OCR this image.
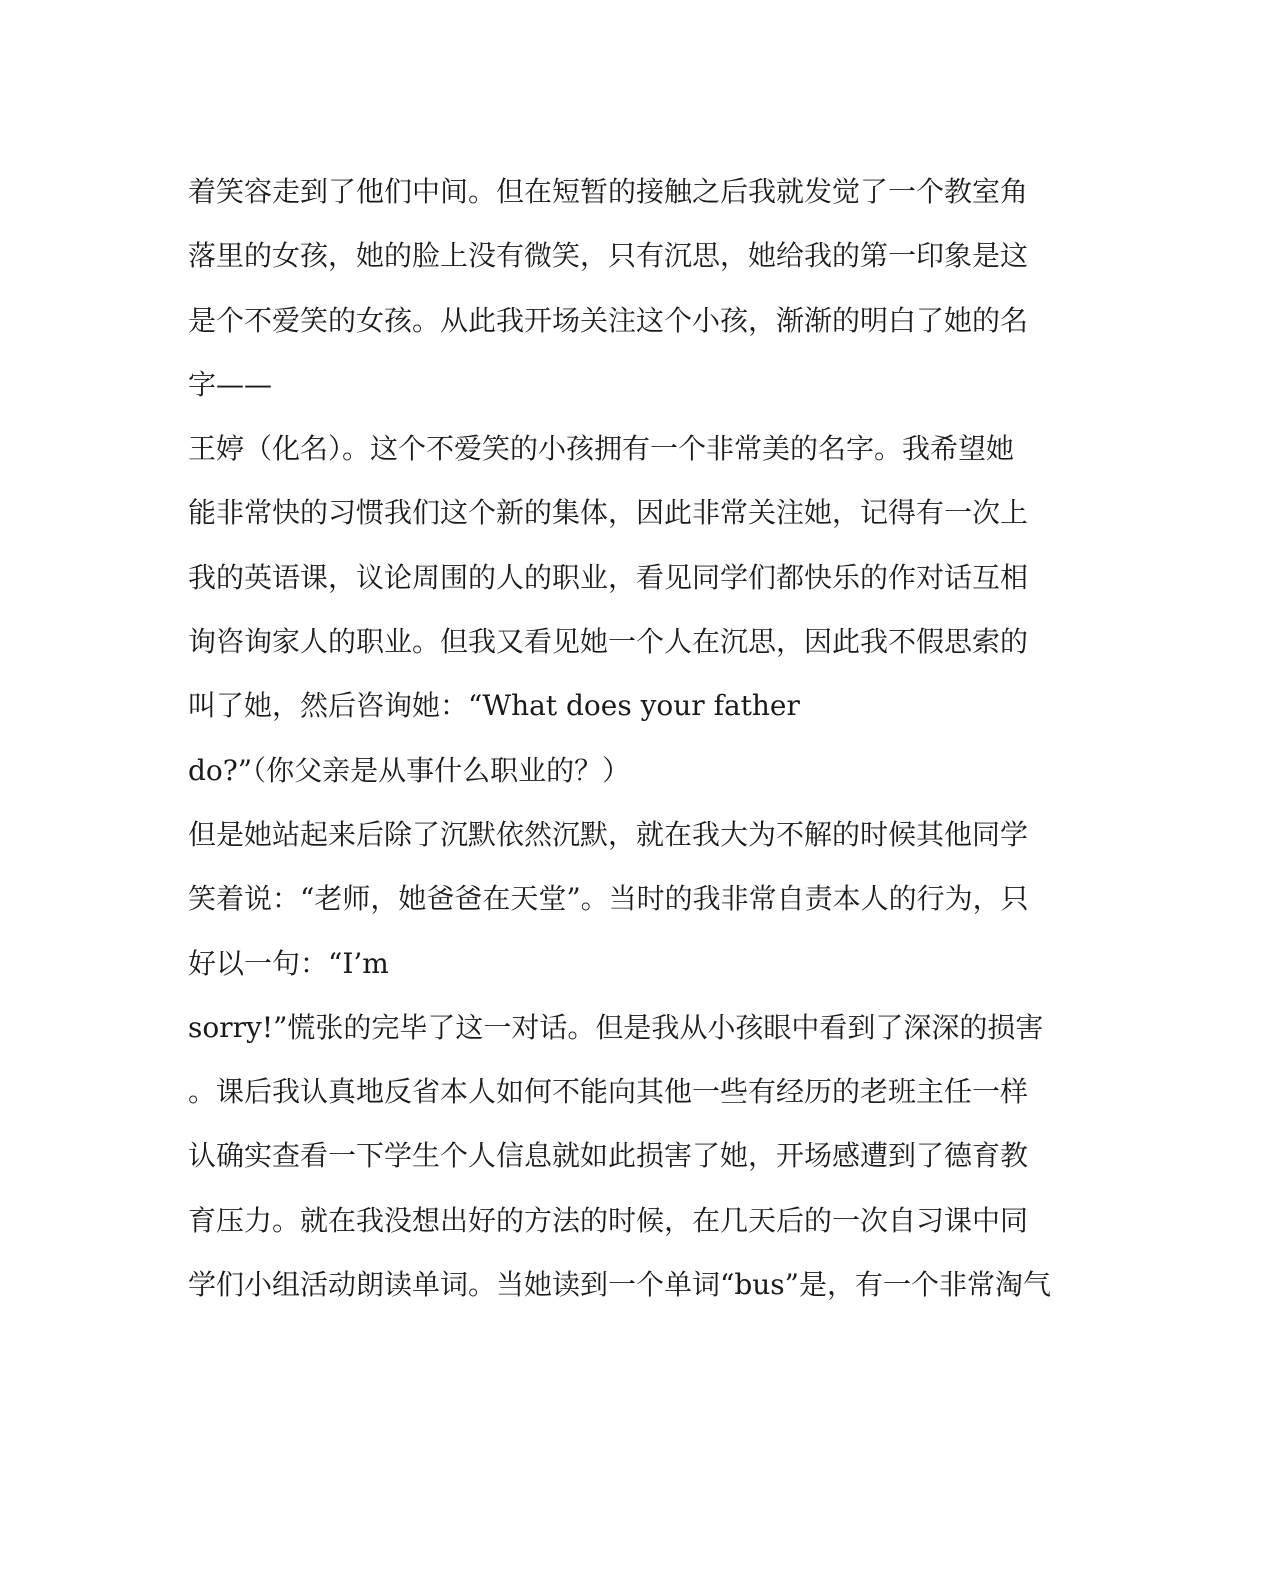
着笑容走到了他们中间。但在短暂的接触之后我就发觉了一个教室角
落里的女孩，她的脸上没有微笑，只有沉思，她给我的第一印象是这
是个不爱笑的女孩。从此我开场关注这个小孩，渐渐的明白了她的名
字——
王婷（化名）。这个不爱笑的小孩拥有一个非常美的名字。我希望她
能非常快的习惯我们这个新的集体，因此非常关注她，记得有一次上
我的英语课，议论周围的人的职业，看见同学们都快乐的作对话互相
询咨询家人的职业。但我又看见她一个人在沉思，因此我不假思索的
叫了她，然后咨询她：“What does your father
do?”（你父亲是从事什么职业的？）
但是她站起来后除了沉默依然沉默，就在我大为不解的时候其他同学
笑着说：“老师，她爸爸在天堂”。当时的我非常自责本人的行为，只
好以一句：“I’m
sorry!”慌张的完毕了这一对话。但是我从小孩眼中看到了深深的损害
。课后我认真地反省本人如何不能向其他一些有经历的老班主任一样
认确实查看一下学生个人信息就如此损害了她，开场感遭到了德育教
育压力。就在我没想出好的方法的时候，在几天后的一次自习课中同
学们小组活动朗读单词。当她读到一个单词“bus”是，有一个非常淘气
